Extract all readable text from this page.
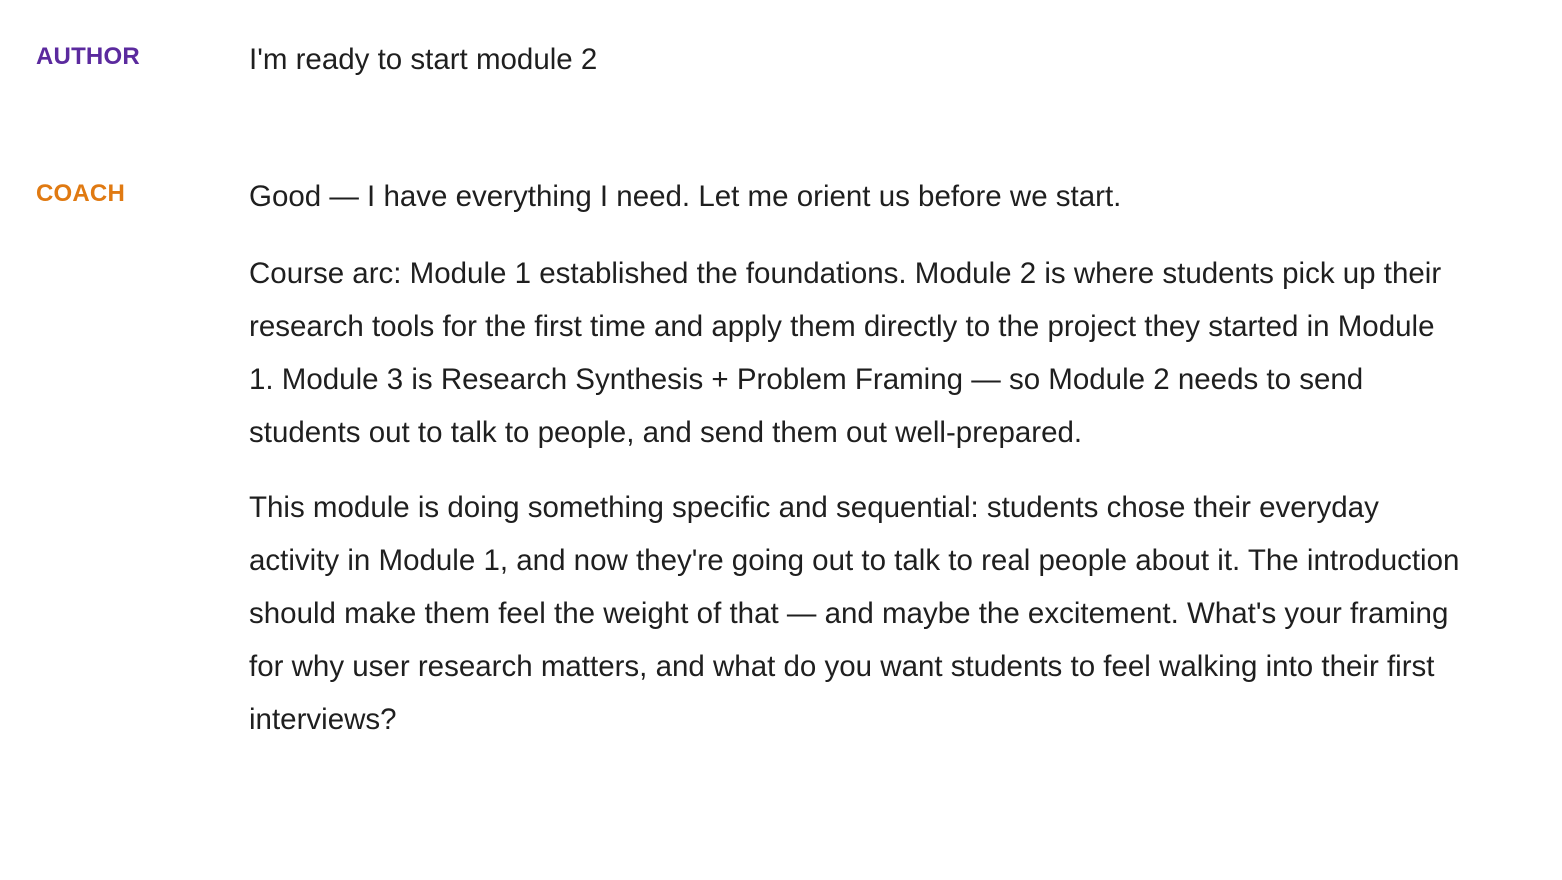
AUTHOR	I'm ready to start module 2

COACH	Good — I have everything I need. Let me orient us before we start.

Course arc: Module 1 established the foundations. Module 2 is where students pick up their research tools for the first time and apply them directly to the project they started in Module 1. Module 3 is Research Synthesis + Problem Framing — so Module 2 needs to send students out to talk to people, and send them out well-prepared.

This module is doing something specific and sequential: students chose their everyday activity in Module 1, and now they're going out to talk to real people about it. The introduction should make them feel the weight of that — and maybe the excitement. What's your framing for why user research matters, and what do you want students to feel walking into their first interviews?
